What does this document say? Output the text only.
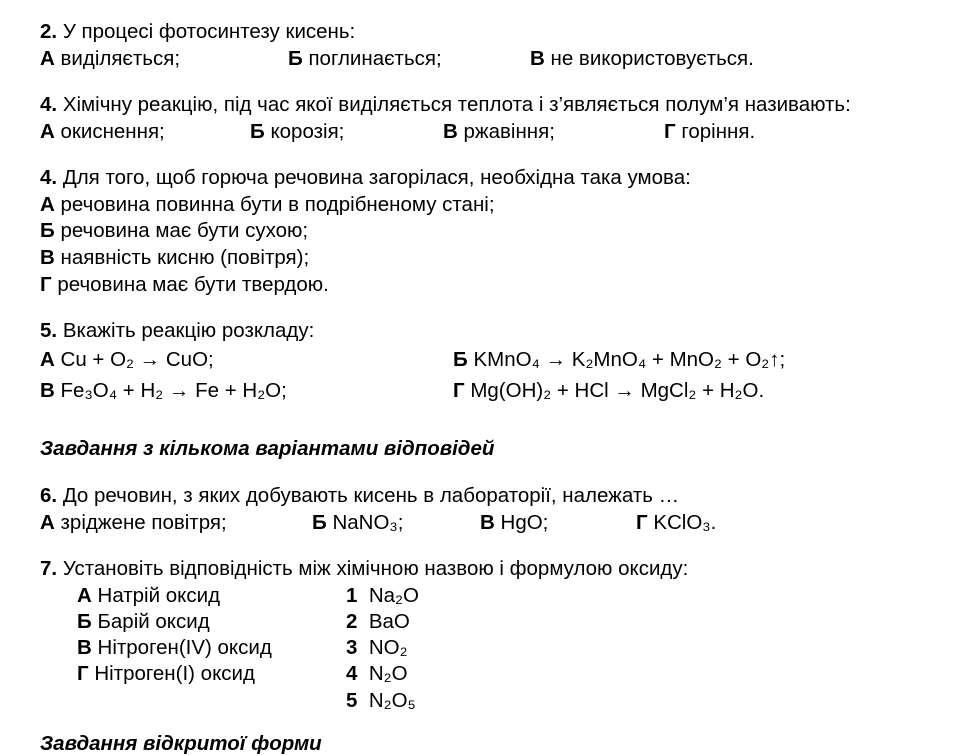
2. У процесі фотосинтезу кисень:
А виділяється;	Б поглинається;	В не використовується.
4. Хімічну реакцію, під час якої виділяється теплота і з’являється полум’я називають:
А окиснення;	Б корозія;	В ржавіння;	Г горіння.
4. Для того, щоб горюча речовина загорілася, необхідна така умова:
А речовина повинна бути в подрібненому стані;
Б речовина має бути сухою;
В наявність кисню (повітря);
Г речовина має бути твердою.
5. Вкажіть реакцію розкладу:
А Cu + O₂ → CuO;	Б KMnO₄ → K₂MnO₄ + MnO₂ + O₂↑;
В Fe₃O₄ + H₂ → Fe + H₂O;	Г Mg(OH)₂ + HCl → MgCl₂ + H₂O.
Завдання з кількома варіантами відповідей
6. До речовин, з яких добувають кисень в лабораторії, належать …
А зріджене повітря;	Б NaNO₃;	В HgO;	Г KClO₃.
7. Установіть відповідність між хімічною назвою і формулою оксиду:
А Натрій оксид
Б Барій оксид
В Нітроген(IV) оксид
Г Нітроген(I) оксид
1 Na₂O
2 BaO
3 NO₂
4 N₂O
5 N₂O₅
Завдання відкритої форми
